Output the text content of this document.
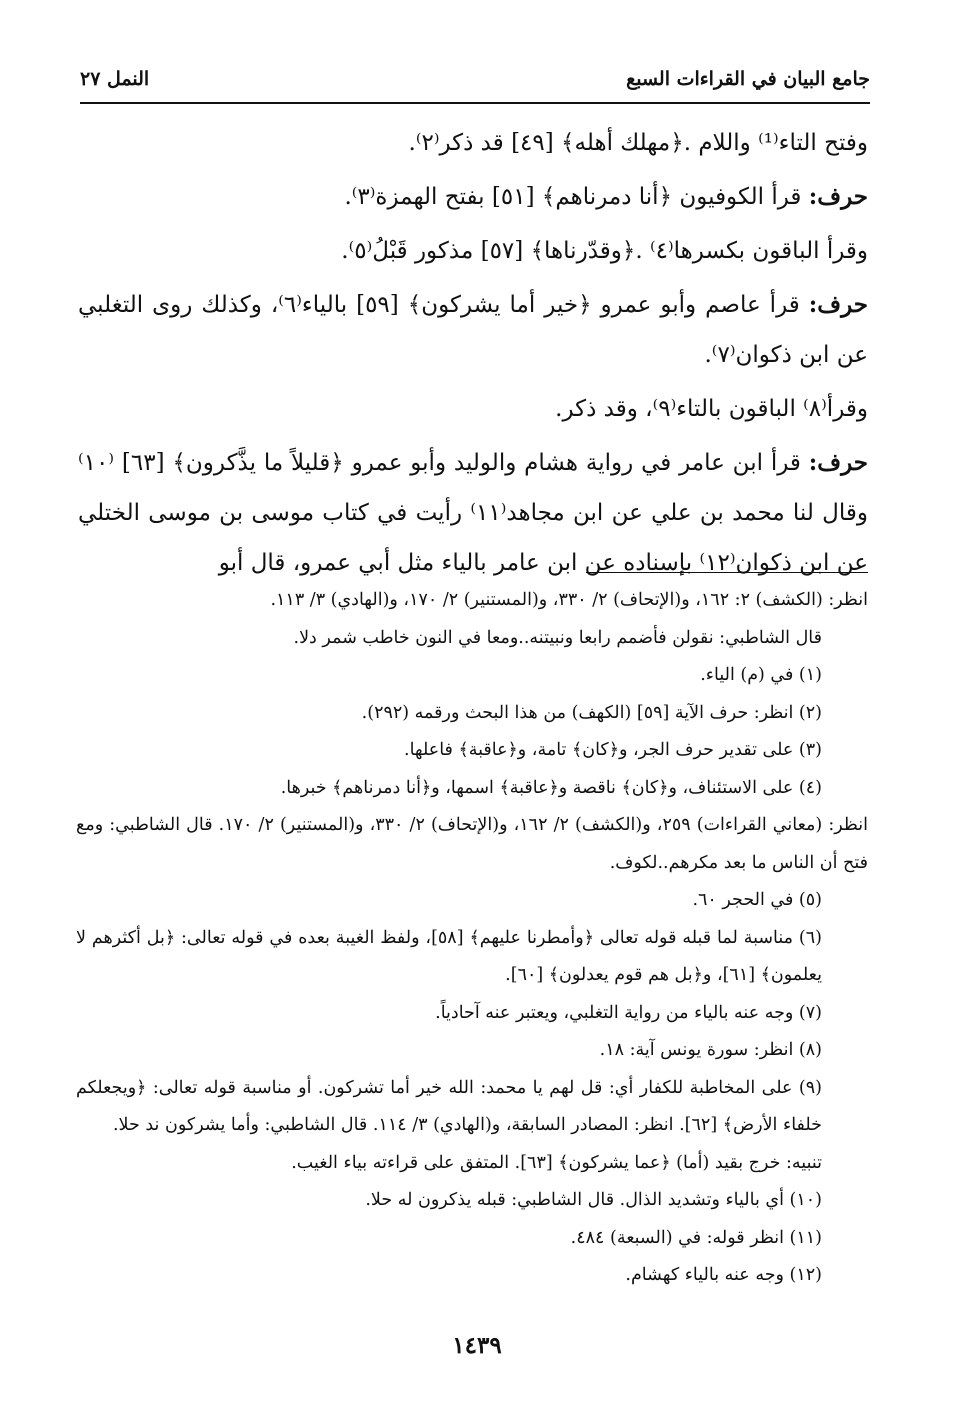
جامع البيان في القراءات السبع
النمل ٢٧

وفتح التاء⁽¹⁾ واللام .﴿مهلك أهله﴾ [٤٩] قد ذكر⁽٢⁾.

حرف: قرأ الكوفيون ﴿أنا دمرناهم﴾ [٥١] بفتح الهمزة⁽٣⁾.

وقرأ الباقون بكسرها⁽٤⁾ .﴿وقدّرناها﴾ [٥٧] مذكور قَبْلُ⁽٥⁾.

حرف: قرأ عاصم وأبو عمرو ﴿خير أما يشركون﴾ [٥٩] بالياء⁽٦⁾، وكذلك روى التغلبي عن ابن ذكوان⁽٧⁾.

وقرأ⁽٨⁾ الباقون بالتاء⁽٩⁾، وقد ذكر.

حرف: قرأ ابن عامر في رواية هشام والوليد وأبو عمرو ﴿قليلاً ما يذَّكرون﴾ [٦٣] ⁽١٠⁾ وقال لنا محمد بن علي عن ابن مجاهد⁽١١⁾ رأيت في كتاب موسى بن موسى الختلي عن ابن ذكوان⁽١٢⁾ بإسناده عن ابن عامر بالياء مثل أبي عمرو، قال أبو

انظر: (الكشف) ٢: ١٦٢، و(الإتحاف) ٢/ ٣٣٠، و(المستنير) ٢/ ١٧٠، و(الهادي) ٣/ ١١٣.
قال الشاطبي: نقولن فأضمم رابعا ونبيتنه..ومعا في النون خاطب شمر دلا.
(١) في (م) الياء.
(٢) انظر: حرف الآية [٥٩] (الكهف) من هذا البحث ورقمه (٢٩٢).
(٣) على تقدير حرف الجر، و﴿كان﴾ تامة، و﴿عاقبة﴾ فاعلها.
(٤) على الاستئناف، و﴿كان﴾ ناقصة و﴿عاقبة﴾ اسمها، و﴿أنا دمرناهم﴾ خبرها.
انظر: (معاني القراءات) ٢٥٩، و(الكشف) ٢/ ١٦٢، و(الإتحاف) ٢/ ٣٣٠، و(المستنير) ٢/ ١٧٠. قال الشاطبي: ومع فتح أن الناس ما بعد مكرهم..لكوف.
(٥) في الحجر ٦٠.
(٦) مناسبة لما قبله قوله تعالى ﴿وأمطرنا عليهم﴾ [٥٨]، ولفظ الغيبة بعده في قوله تعالى: ﴿بل أكثرهم لا يعلمون﴾ [٦١]، و﴿بل هم قوم يعدلون﴾ [٦٠].
(٧) وجه عنه بالياء من رواية التغلبي، ويعتبر عنه آحادياً.
(٨) انظر: سورة يونس آية: ١٨.
(٩) على المخاطبة للكفار أي: قل لهم يا محمد: الله خير أما تشركون. أو مناسبة قوله تعالى: ﴿ويجعلكم خلفاء الأرض﴾ [٦٢]. انظر: المصادر السابقة، و(الهادي) ٣/ ١١٤. قال الشاطبي: وأما يشركون ند حلا.
تنبيه: خرج بقيد (أما) ﴿عما يشركون﴾ [٦٣]. المتفق على قراءته بياء الغيب.
(١٠) أي بالياء وتشديد الذال. قال الشاطبي: قبله يذكرون له حلا.
(١١) انظر قوله: في (السبعة) ٤٨٤.
(١٢) وجه عنه بالياء كهشام.
١٤٣٩
